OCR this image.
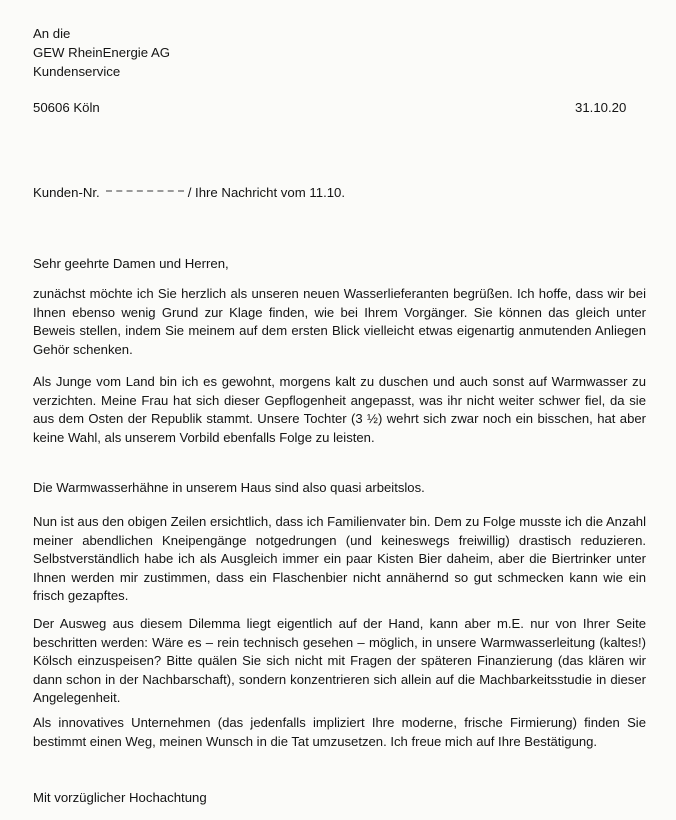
An die
GEW RheinEnergie AG
Kundenservice
50606 Köln	31.10.20
Kunden-Nr.	/ Ihre Nachricht vom 11.10.
Sehr geehrte Damen und Herren,
zunächst möchte ich Sie herzlich als unseren neuen Wasserlieferanten begrüßen. Ich hoffe, dass wir bei Ihnen ebenso wenig Grund zur Klage finden, wie bei Ihrem Vorgänger. Sie können das gleich unter Beweis stellen, indem Sie meinem auf dem ersten Blick vielleicht etwas eigenartig anmutenden Anliegen Gehör schenken.
Als Junge vom Land bin ich es gewohnt, morgens kalt zu duschen und auch sonst auf Warmwasser zu verzichten. Meine Frau hat sich dieser Gepflogenheit angepasst, was ihr nicht weiter schwer fiel, da sie aus dem Osten der Republik stammt. Unsere Tochter (3 ½) wehrt sich zwar noch ein bisschen, hat aber keine Wahl, als unserem Vorbild ebenfalls Folge zu leisten.
Die Warmwasserhähne in unserem Haus sind also quasi arbeitslos.
Nun ist aus den obigen Zeilen ersichtlich, dass ich Familienvater bin. Dem zu Folge musste ich die Anzahl meiner abendlichen Kneipengänge notgedrungen (und keineswegs freiwillig) drastisch reduzieren. Selbstverständlich habe ich als Ausgleich immer ein paar Kisten Bier daheim, aber die Biertrinker unter Ihnen werden mir zustimmen, dass ein Flaschenbier nicht annähernd so gut schmecken kann wie ein frisch gezapftes.
Der Ausweg aus diesem Dilemma liegt eigentlich auf der Hand, kann aber m.E. nur von Ihrer Seite beschritten werden: Wäre es – rein technisch gesehen – möglich, in unsere Warmwasserleitung (kaltes!) Kölsch einzuspeisen? Bitte quälen Sie sich nicht mit Fragen der späteren Finanzierung (das klären wir dann schon in der Nachbarschaft), sondern konzentrieren sich allein auf die Machbarkeitsstudie in dieser Angelegenheit.
Als innovatives Unternehmen (das jedenfalls impliziert Ihre moderne, frische Firmierung) finden Sie bestimmt einen Weg, meinen Wunsch in die Tat umzusetzen. Ich freue mich auf Ihre Bestätigung.
Mit vorzüglicher Hochachtung
